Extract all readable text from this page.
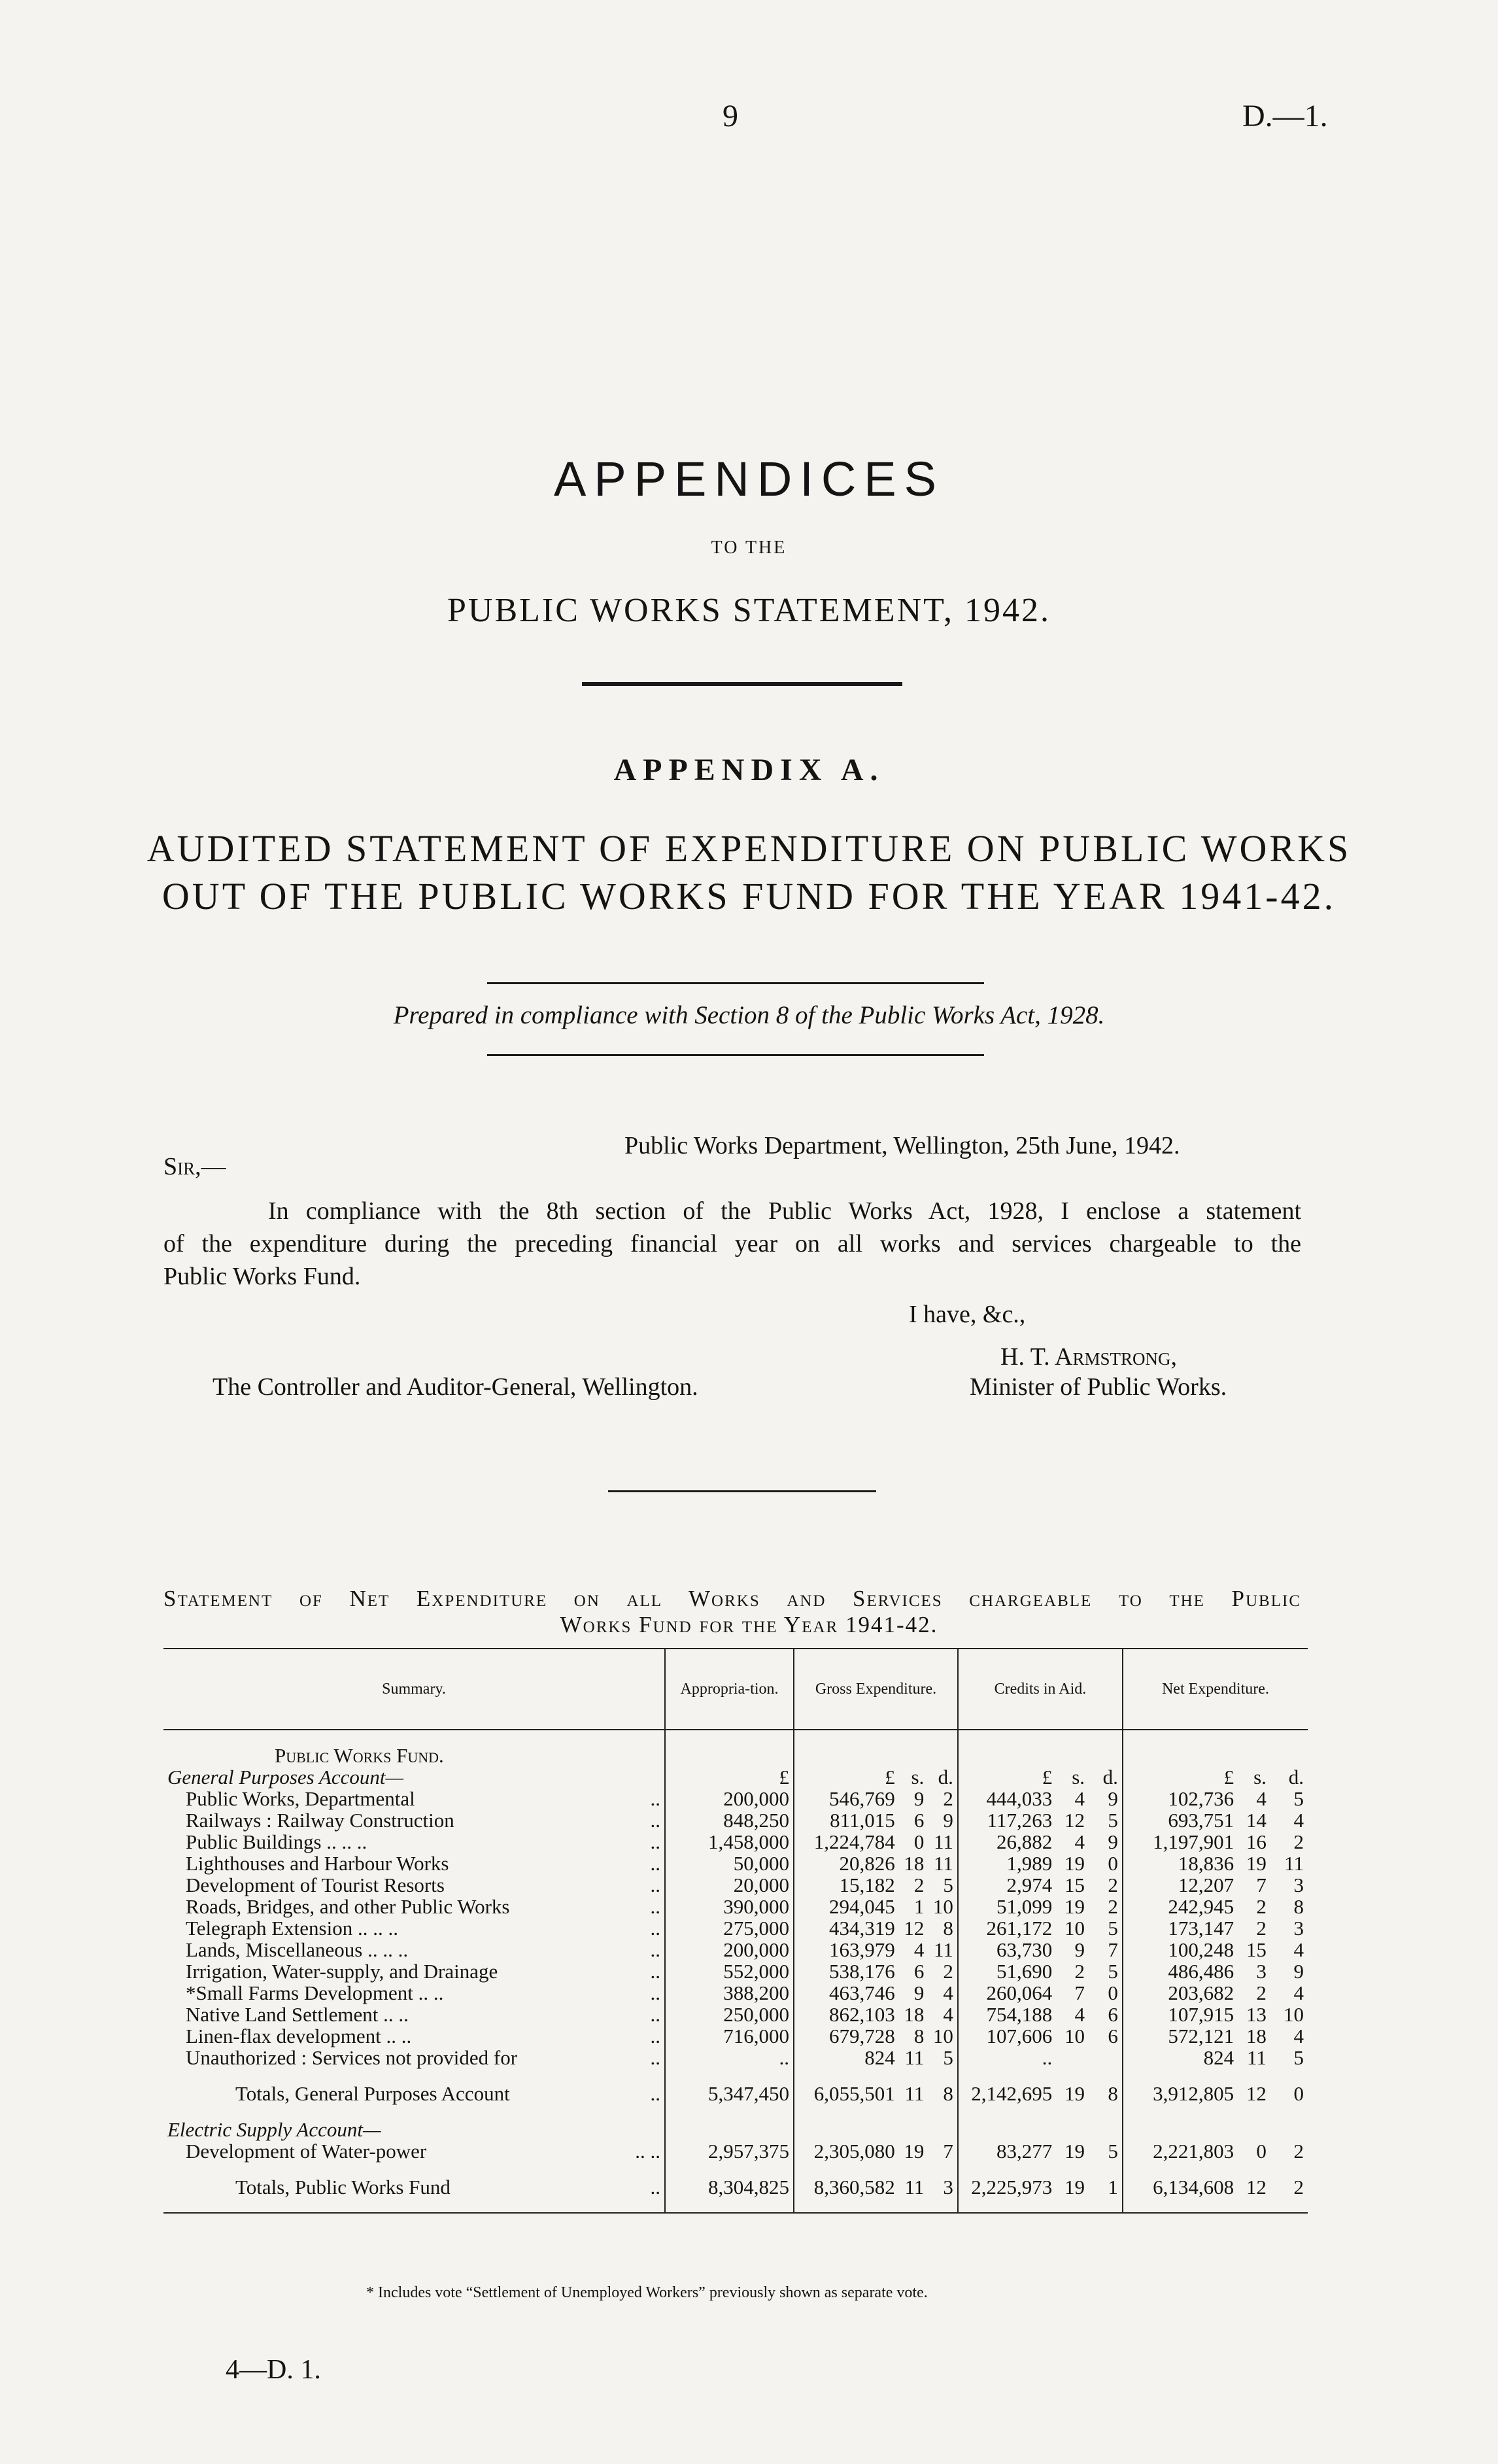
9	D.—1.
APPENDICES
TO THE
PUBLIC WORKS STATEMENT, 1942.
APPENDIX A.
AUDITED STATEMENT OF EXPENDITURE ON PUBLIC WORKS
OUT OF THE PUBLIC WORKS FUND FOR THE YEAR 1941-42.
Prepared in compliance with Section 8 of the Public Works Act, 1928.
Public Works Department, Wellington, 25th June, 1942.
Sir,—
In compliance with the 8th section of the Public Works Act, 1928, I enclose a statement
of the expenditure during the preceding financial year on all works and services chargeable to the
Public Works Fund.
I have, &c.,
H. T. Armstrong,
Minister of Public Works.
The Controller and Auditor-General, Wellington.
Statement of Net Expenditure on all Works and Services chargeable to the Public
Works Fund for the Year 1941-42.
Summary.		Appropria-tion.	Gross Expenditure.			Credits in Aid.			Net Expenditure.		

Public Works Fund.											
General Purposes Account—		£	£	s.	d.	£	s.	d.	£	s.	d.
Public Works, Departmental	..	200,000	546,769	9	2	444,033	4	9	102,736	4	5
Railways : Railway Construction	..	848,250	811,015	6	9	117,263	12	5	693,751	14	4
Public Buildings .. .. ..	..	1,458,000	1,224,784	0	11	26,882	4	9	1,197,901	16	2
Lighthouses and Harbour Works	..	50,000	20,826	18	11	1,989	19	0	18,836	19	11
Development of Tourist Resorts	..	20,000	15,182	2	5	2,974	15	2	12,207	7	3
Roads, Bridges, and other Public Works	..	390,000	294,045	1	10	51,099	19	2	242,945	2	8
Telegraph Extension .. .. ..	..	275,000	434,319	12	8	261,172	10	5	173,147	2	3
Lands, Miscellaneous .. .. ..	..	200,000	163,979	4	11	63,730	9	7	100,248	15	4
Irrigation, Water-supply, and Drainage	..	552,000	538,176	6	2	51,690	2	5	486,486	3	9
*Small Farms Development .. ..	..	388,200	463,746	9	4	260,064	7	0	203,682	2	4
Native Land Settlement .. ..	..	250,000	862,103	18	4	754,188	4	6	107,915	13	10
Linen-flax development .. ..	..	716,000	679,728	8	10	107,606	10	6	572,121	18	4
Unauthorized : Services not provided for	..	..	824	11	5	..			824	11	5

Totals, General Purposes Account	..	5,347,450	6,055,501	11	8	2,142,695	19	8	3,912,805	12	0

Electric Supply Account—											
Development of Water-power	.. ..	2,957,375	2,305,080	19	7	83,277	19	5	2,221,803	0	2

Totals, Public Works Fund	..	8,304,825	8,360,582	11	3	2,225,973	19	1	6,134,608	12	2

* Includes vote “Settlement of Unemployed Workers” previously shown as separate vote.
4—D. 1.
